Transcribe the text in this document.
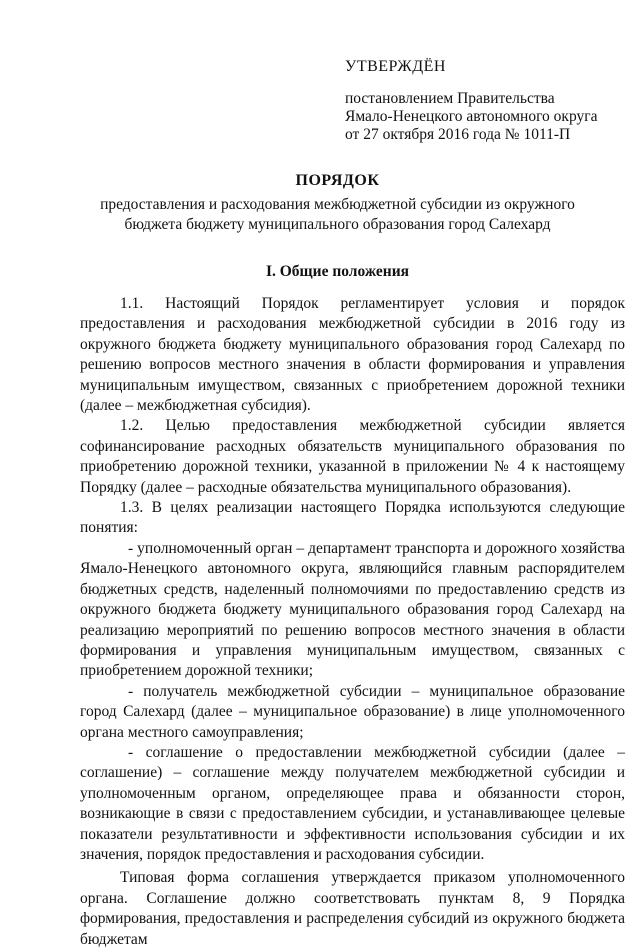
УТВЕРЖДЁН
постановлением Правительства
Ямало-Ненецкого автономного округа
от 27 октября 2016 года № 1011-П
ПОРЯДОК
предоставления и расходования межбюджетной субсидии из окружного
бюджета бюджету муниципального образования город Салехард
I. Общие положения

1.1. Настоящий Порядок регламентирует условия и порядок предоставления и расходования межбюджетной субсидии в 2016 году из окружного бюджета бюджету муниципального образования город Салехард по решению вопросов местного значения в области формирования и управления муниципальным имуществом, связанных с приобретением дорожной техники (далее – межбюджетная субсидия).

1.2. Целью предоставления межбюджетной субсидии является софинансирование расходных обязательств муниципального образования по приобретению дорожной техники, указанной в приложении № 4 к настоящему Порядку (далее – расходные обязательства муниципального образования).

1.3. В целях реализации настоящего Порядка используются следующие понятия:

- уполномоченный орган – департамент транспорта и дорожного хозяйства Ямало-Ненецкого автономного округа, являющийся главным распорядителем бюджетных средств, наделенный полномочиями по предоставлению средств из окружного бюджета бюджету муниципального образования город Салехард на реализацию мероприятий по решению вопросов местного значения в области формирования и управления муниципальным имуществом, связанных с приобретением дорожной техники;

- получатель межбюджетной субсидии – муниципальное образование город Салехард (далее – муниципальное образование) в лице уполномоченного органа местного самоуправления;

- соглашение о предоставлении межбюджетной субсидии (далее – соглашение) – соглашение между получателем межбюджетной субсидии и уполномоченным органом, определяющее права и обязанности сторон, возникающие в связи с предоставлением субсидии, и устанавливающее целевые показатели результативности и эффективности использования субсидии и их значения, порядок предоставления и расходования субсидии.

Типовая форма соглашения утверждается приказом уполномоченного органа. Соглашение должно соответствовать пунктам 8, 9 Порядка формирования, предоставления и распределения субсидий из окружного бюджета бюджетам
